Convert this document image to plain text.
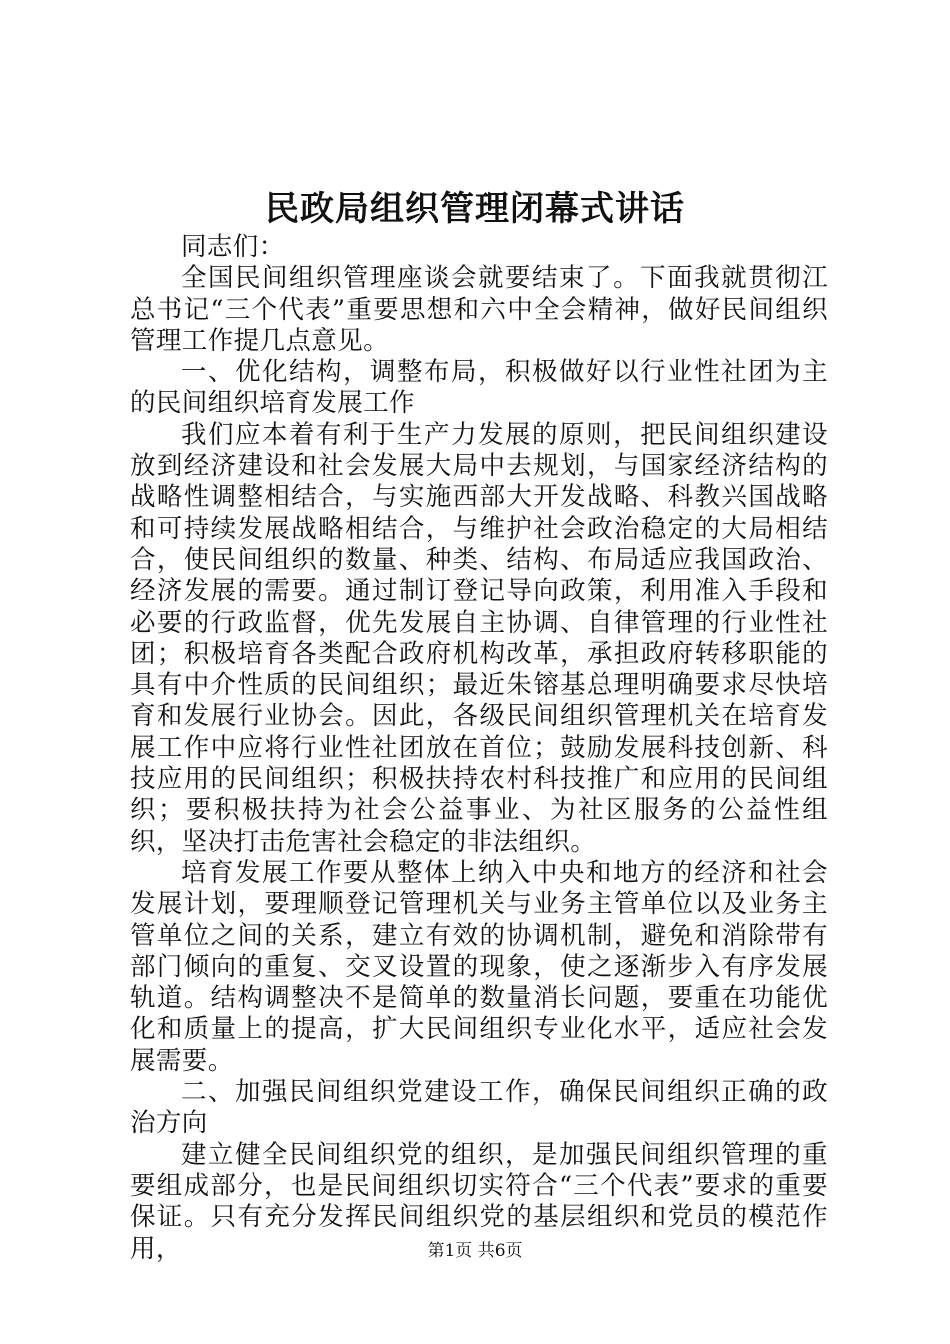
民政局组织管理闭幕式讲话

同志们：

全国民间组织管理座谈会就要结束了。下面我就贯彻江总书记“三个代表”重要思想和六中全会精神，做好民间组织管理工作提几点意见。

一、优化结构，调整布局，积极做好以行业性社团为主的民间组织培育发展工作

我们应本着有利于生产力发展的原则，把民间组织建设放到经济建设和社会发展大局中去规划，与国家经济结构的战略性调整相结合，与实施西部大开发战略、科教兴国战略和可持续发展战略相结合，与维护社会政治稳定的大局相结合，使民间组织的数量、种类、结构、布局适应我国政治、经济发展的需要。通过制订登记导向政策，利用准入手段和必要的行政监督，优先发展自主协调、自律管理的行业性社团；积极培育各类配合政府机构改革，承担政府转移职能的具有中介性质的民间组织；最近朱镕基总理明确要求尽快培育和发展行业协会。因此，各级民间组织管理机关在培育发展工作中应将行业性社团放在首位；鼓励发展科技创新、科技应用的民间组织；积极扶持农村科技推广和应用的民间组织；要积极扶持为社会公益事业、为社区服务的公益性组织，坚决打击危害社会稳定的非法组织。

培育发展工作要从整体上纳入中央和地方的经济和社会发展计划，要理顺登记管理机关与业务主管单位以及业务主管单位之间的关系，建立有效的协调机制，避免和消除带有部门倾向的重复、交叉设置的现象，使之逐渐步入有序发展轨道。结构调整决不是简单的数量消长问题，要重在功能优化和质量上的提高，扩大民间组织专业化水平，适应社会发展需要。

二、加强民间组织党建设工作，确保民间组织正确的政治方向

建立健全民间组织党的组织，是加强民间组织管理的重要组成部分，也是民间组织切实符合“三个代表”要求的重要保证。只有充分发挥民间组织党的基层组织和党员的模范作用，	第1页 共6页
